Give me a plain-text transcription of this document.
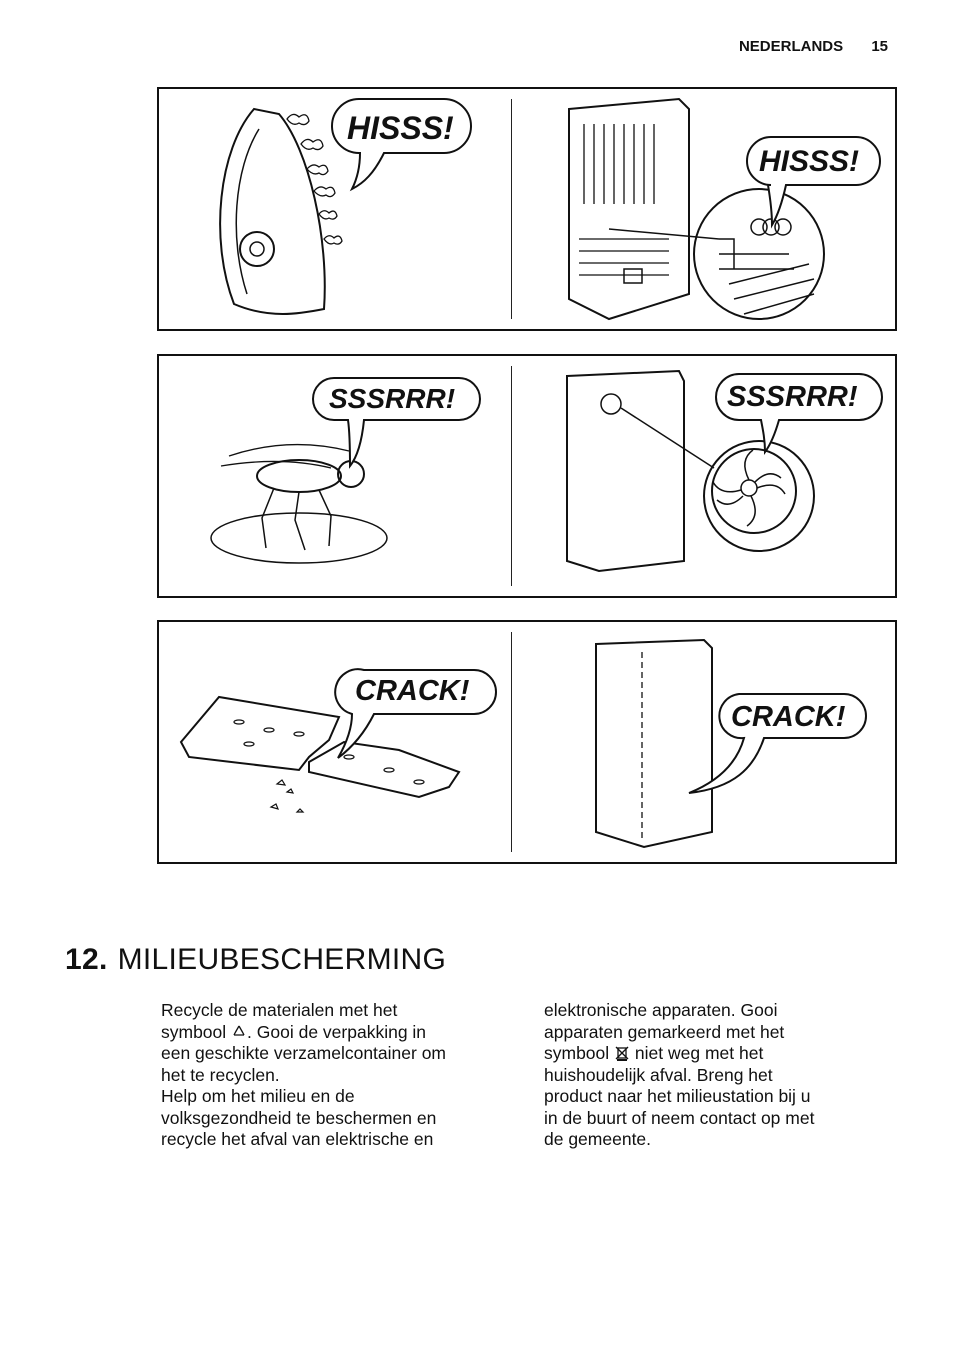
NEDERLANDS 15
HISSS!
HISSS!
SSSRRR!	SSSRRR!
CRACK!
CRACK!
12. MILIEUBESCHERMING

Recycle de materialen met het

symbool . Gooi de verpakking in

een geschikte verzamelcontainer om

het te recyclen.

Help om het milieu en de

volksgezondheid te beschermen en

recycle het afval van elektrische en

elektronische apparaten. Gooi

apparaten gemarkeerd met het

symbool niet weg met het

huishoudelijk afval. Breng het

product naar het milieustation bij u

in de buurt of neem contact op met

de gemeente.
